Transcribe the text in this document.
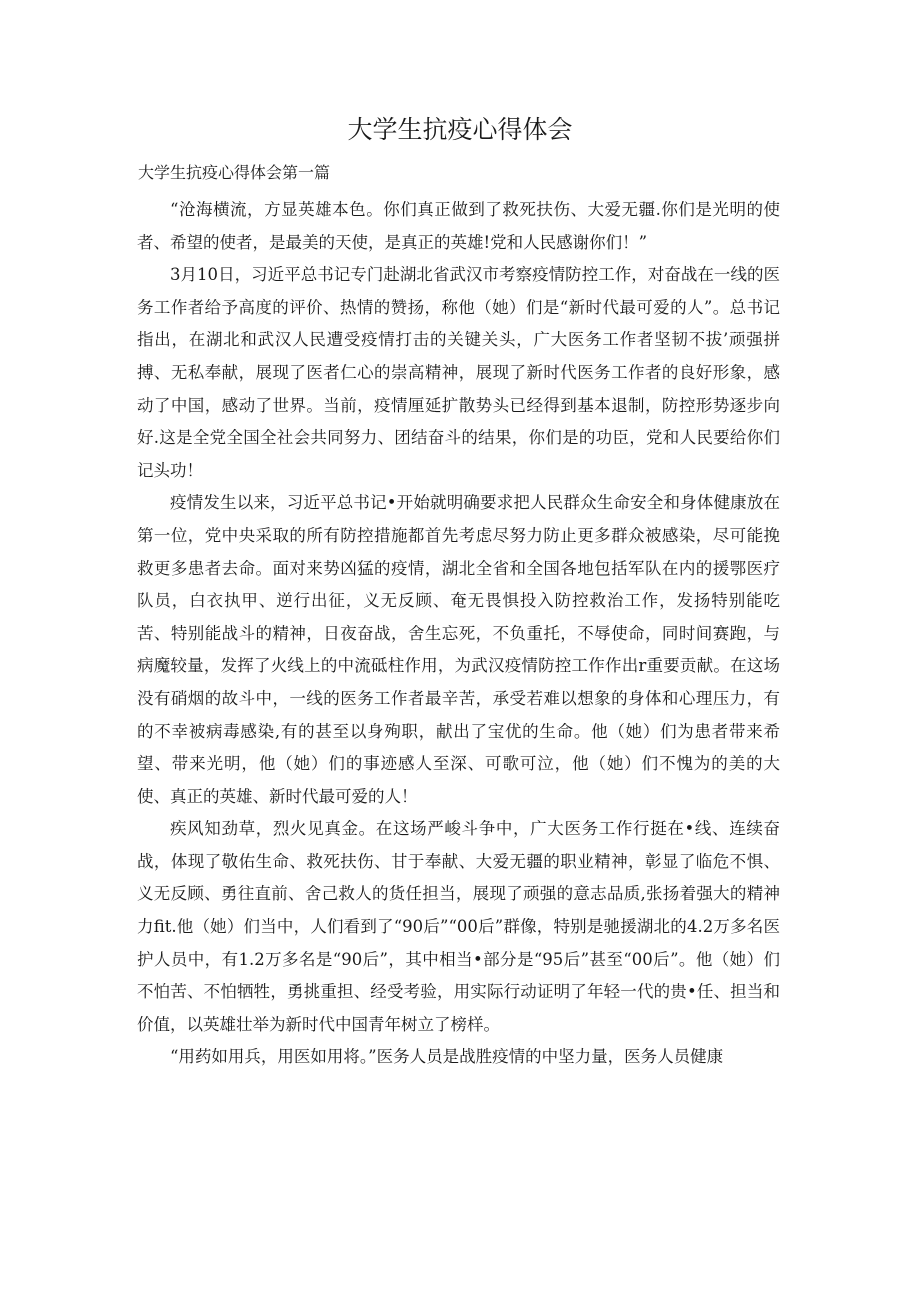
大学生抗疫心得体会
大学生抗疫心得体会第一篇

“沧海横流，方显英雄本色。你们真正做到了救死扶伤、大爱无疆.你们是光明的使者、希望的使者，是最美的天使，是真正的英雄!党和人民感谢你们！”

3月10日，习近平总书记专门赴湖北省武汉市考察疫情防控工作，对奋战在一线的医务工作者给予高度的评价、热情的赞扬，称他（她）们是“新时代最可爱的人”。总书记指出，在湖北和武汉人民遭受疫情打击的关键关头，广大医务工作者坚韧不拔’顽强拼搏、无私奉献，展现了医者仁心的崇高精神，展现了新时代医务工作者的良好形象，感动了中国，感动了世界。当前，疫情厘延扩散势头已经得到基本退制，防控形势逐步向好.这是全党全国全社会共同努力、团结奋斗的结果，你们是的功臣，党和人民要给你们记头功！

疫情发生以来，习近平总书记•开始就明确要求把人民群众生命安全和身体健康放在第一位，党中央采取的所有防控措施都首先考虑尽努力防止更多群众被感染，尽可能挽救更多患者去命。面对来势凶猛的疫情，湖北全省和全国各地包括军队在内的援鄂医疗队员，白衣执甲、逆行出征，义无反顾、奄无畏惧投入防控救治工作，发扬特别能吃苦、特别能战斗的精神，日夜奋战，舍生忘死，不负重托，不辱使命，同时间赛跑，与病魔较量，发挥了火线上的中流砥柱作用，为武汉疫情防控工作作出r重要贡献。在这场没有硝烟的故斗中，一线的医务工作者最辛苦，承受若难以想象的身体和心理压力，有的不幸被病毒感染,有的甚至以身殉职，献出了宝优的生命。他（她）们为患者带来希望、带来光明，他（她）们的事迹感人至深、可歌可泣，他（她）们不愧为的美的大使、真正的英雄、新时代最可爱的人！

疾风知劲草，烈火见真金。在这场严峻斗争中，广大医务工作行挺在•线、连续奋战，体现了敬佑生命、救死扶伤、甘于奉献、大爱无疆的职业精神，彰显了临危不惧、义无反顾、勇往直前、舍己救人的货任担当，展现了顽强的意志品质,张扬着强大的精神力fit.他（她）们当中，人们看到了“90后”“00后”群像，特别是驰援湖北的4.2万多名医护人员中，有1.2万多名是“90后”，其中相当•部分是“95后”甚至“00后”。他（她）们不怕苦、不怕牺牲，勇挑重担、经受考验，用实际行动证明了年轻一代的贵•任、担当和价值，以英雄壮举为新时代中国青年树立了榜样。

“用药如用兵，用医如用将。”医务人员是战胜疫情的中坚力量，医务人员健康
